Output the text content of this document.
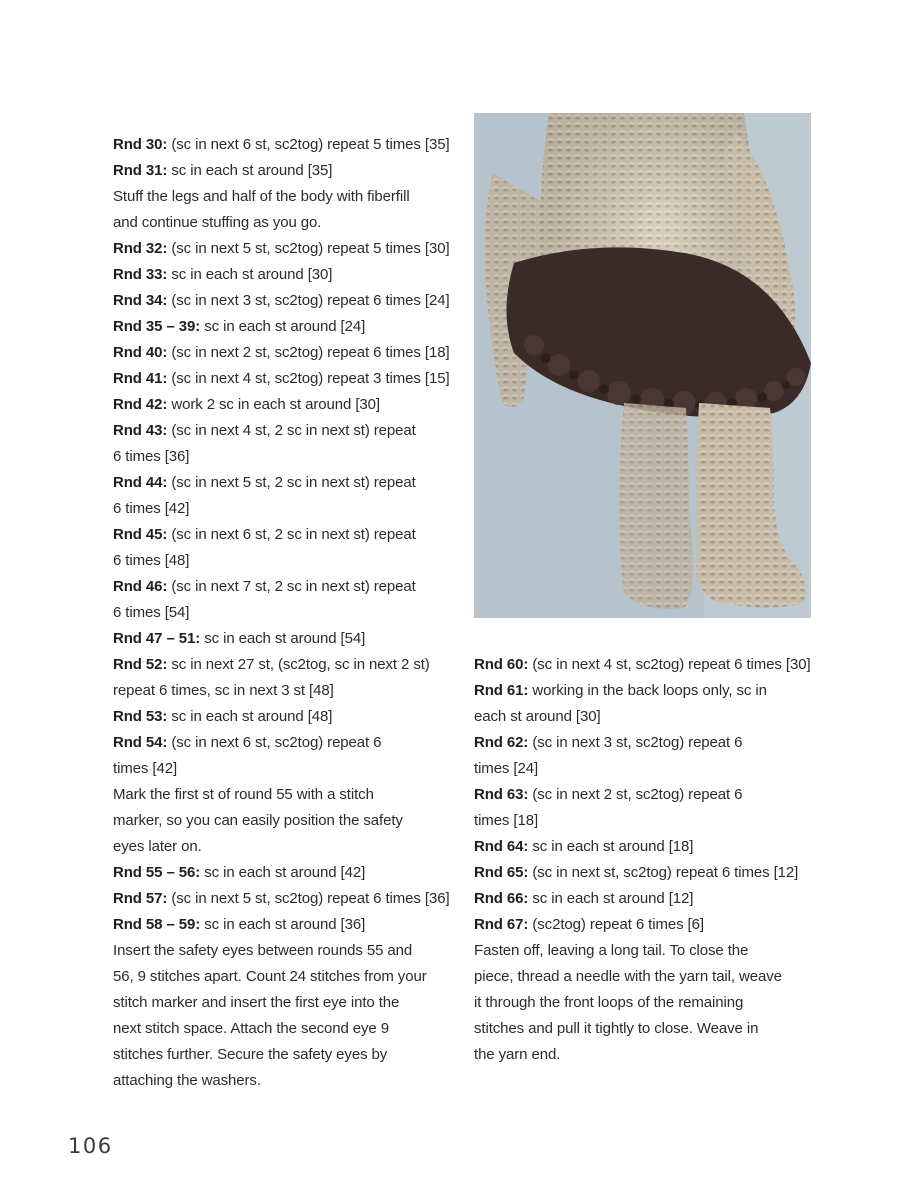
Rnd 30: (sc in next 6 st, sc2tog) repeat 5 times [35]
Rnd 31: sc in each st around [35]
Stuff the legs and half of the body with fiberfill
and continue stuffing as you go.
Rnd 32: (sc in next 5 st, sc2tog) repeat 5 times [30]
Rnd 33: sc in each st around [30]
Rnd 34: (sc in next 3 st, sc2tog) repeat 6 times [24]
Rnd 35 – 39: sc in each st around [24]
Rnd 40: (sc in next 2 st, sc2tog) repeat 6 times [18]
Rnd 41: (sc in next 4 st, sc2tog) repeat 3 times [15]
Rnd 42: work 2 sc in each st around [30]
Rnd 43: (sc in next 4 st, 2 sc in next st) repeat
6 times [36]
Rnd 44: (sc in next 5 st, 2 sc in next st) repeat
6 times [42]
Rnd 45: (sc in next 6 st, 2 sc in next st) repeat
6 times [48]
Rnd 46: (sc in next 7 st, 2 sc in next st) repeat
6 times [54]
Rnd 47 – 51: sc in each st around [54]
Rnd 52: sc in next 27 st, (sc2tog, sc in next 2 st)
repeat 6 times, sc in next 3 st [48]
Rnd 53: sc in each st around [48]
Rnd 54: (sc in next 6 st, sc2tog) repeat 6
times [42]
Mark the first st of round 55 with a stitch
marker, so you can easily position the safety
eyes later on.
Rnd 55 – 56: sc in each st around [42]
Rnd 57: (sc in next 5 st, sc2tog) repeat 6 times [36]
Rnd 58 – 59: sc in each st around [36]
Insert the safety eyes between rounds 55 and
56, 9 stitches apart. Count 24 stitches from your
stitch marker and insert the first eye into the
next stitch space. Attach the second eye 9
stitches further. Secure the safety eyes by
attaching the washers.
Rnd 60: (sc in next 4 st, sc2tog) repeat 6 times [30]
Rnd 61: working in the back loops only, sc in
each st around [30]
Rnd 62: (sc in next 3 st, sc2tog) repeat 6
times [24]
Rnd 63: (sc in next 2 st, sc2tog) repeat 6
times [18]
Rnd 64: sc in each st around [18]
Rnd 65: (sc in next st, sc2tog) repeat 6 times [12]
Rnd 66: sc in each st around [12]
Rnd 67: (sc2tog) repeat 6 times [6]
Fasten off, leaving a long tail. To close the
piece, thread a needle with the yarn tail, weave
it through the front loops of the remaining
stitches and pull it tightly to close. Weave in
the yarn end.
106
